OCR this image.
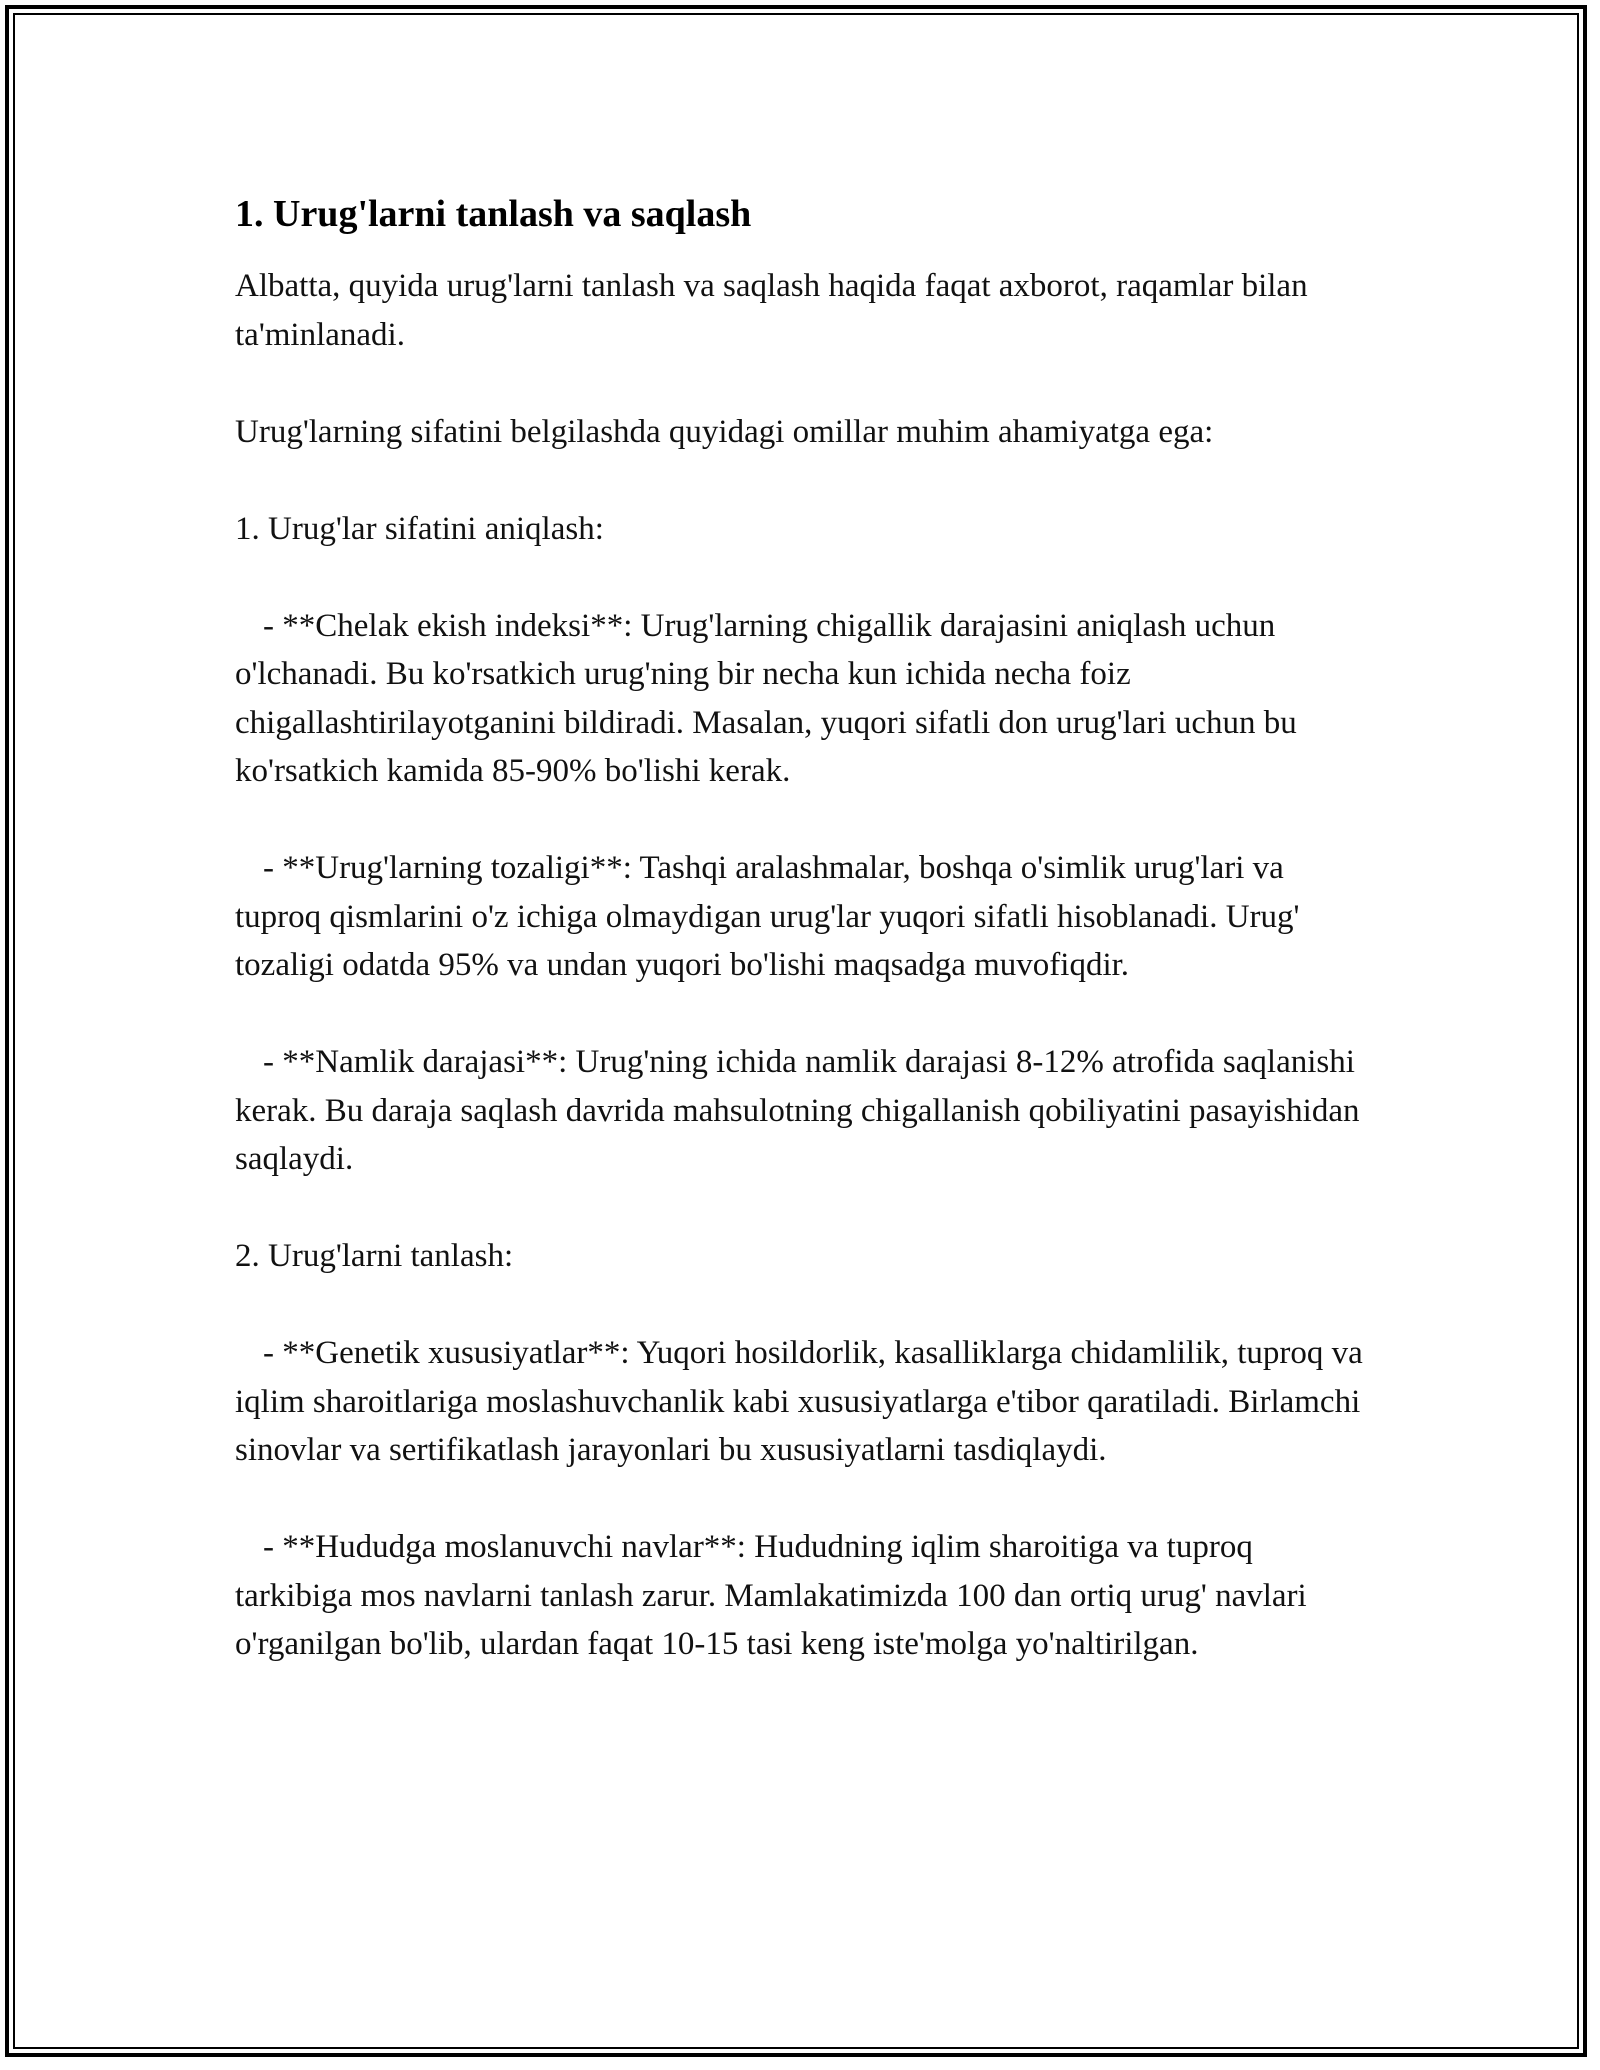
1. Urug'larni tanlash va saqlash

Albatta, quyida urug'larni tanlash va saqlash haqida faqat axborot, raqamlar bilan ta'minlanadi.

Urug'larning sifatini belgilashda quyidagi omillar muhim ahamiyatga ega:

1. Urug'lar sifatini aniqlash:

- **Chelak ekish indeksi**: Urug'larning chigallik darajasini aniqlash uchun o'lchanadi. Bu ko'rsatkich urug'ning bir necha kun ichida necha foiz chigallashtirilayotganini bildiradi. Masalan, yuqori sifatli don urug'lari uchun bu ko'rsatkich kamida 85-90% bo'lishi kerak.

- **Urug'larning tozaligi**: Tashqi aralashmalar, boshqa o'simlik urug'lari va tuproq qismlarini o'z ichiga olmaydigan urug'lar yuqori sifatli hisoblanadi. Urug' tozaligi odatda 95% va undan yuqori bo'lishi maqsadga muvofiqdir.

- **Namlik darajasi**: Urug'ning ichida namlik darajasi 8-12% atrofida saqlanishi kerak. Bu daraja saqlash davrida mahsulotning chigallanish qobiliyatini pasayishidan saqlaydi.

2. Urug'larni tanlash:

- **Genetik xususiyatlar**: Yuqori hosildorlik, kasalliklarga chidamlilik, tuproq va iqlim sharoitlariga moslashuvchanlik kabi xususiyatlarga e'tibor qaratiladi. Birlamchi sinovlar va sertifikatlash jarayonlari bu xususiyatlarni tasdiqlaydi.

- **Hududga moslanuvchi navlar**: Hududning iqlim sharoitiga va tuproq tarkibiga mos navlarni tanlash zarur. Mamlakatimizda 100 dan ortiq urug' navlari o'rganilgan bo'lib, ulardan faqat 10-15 tasi keng iste'molga yo'naltirilgan.
